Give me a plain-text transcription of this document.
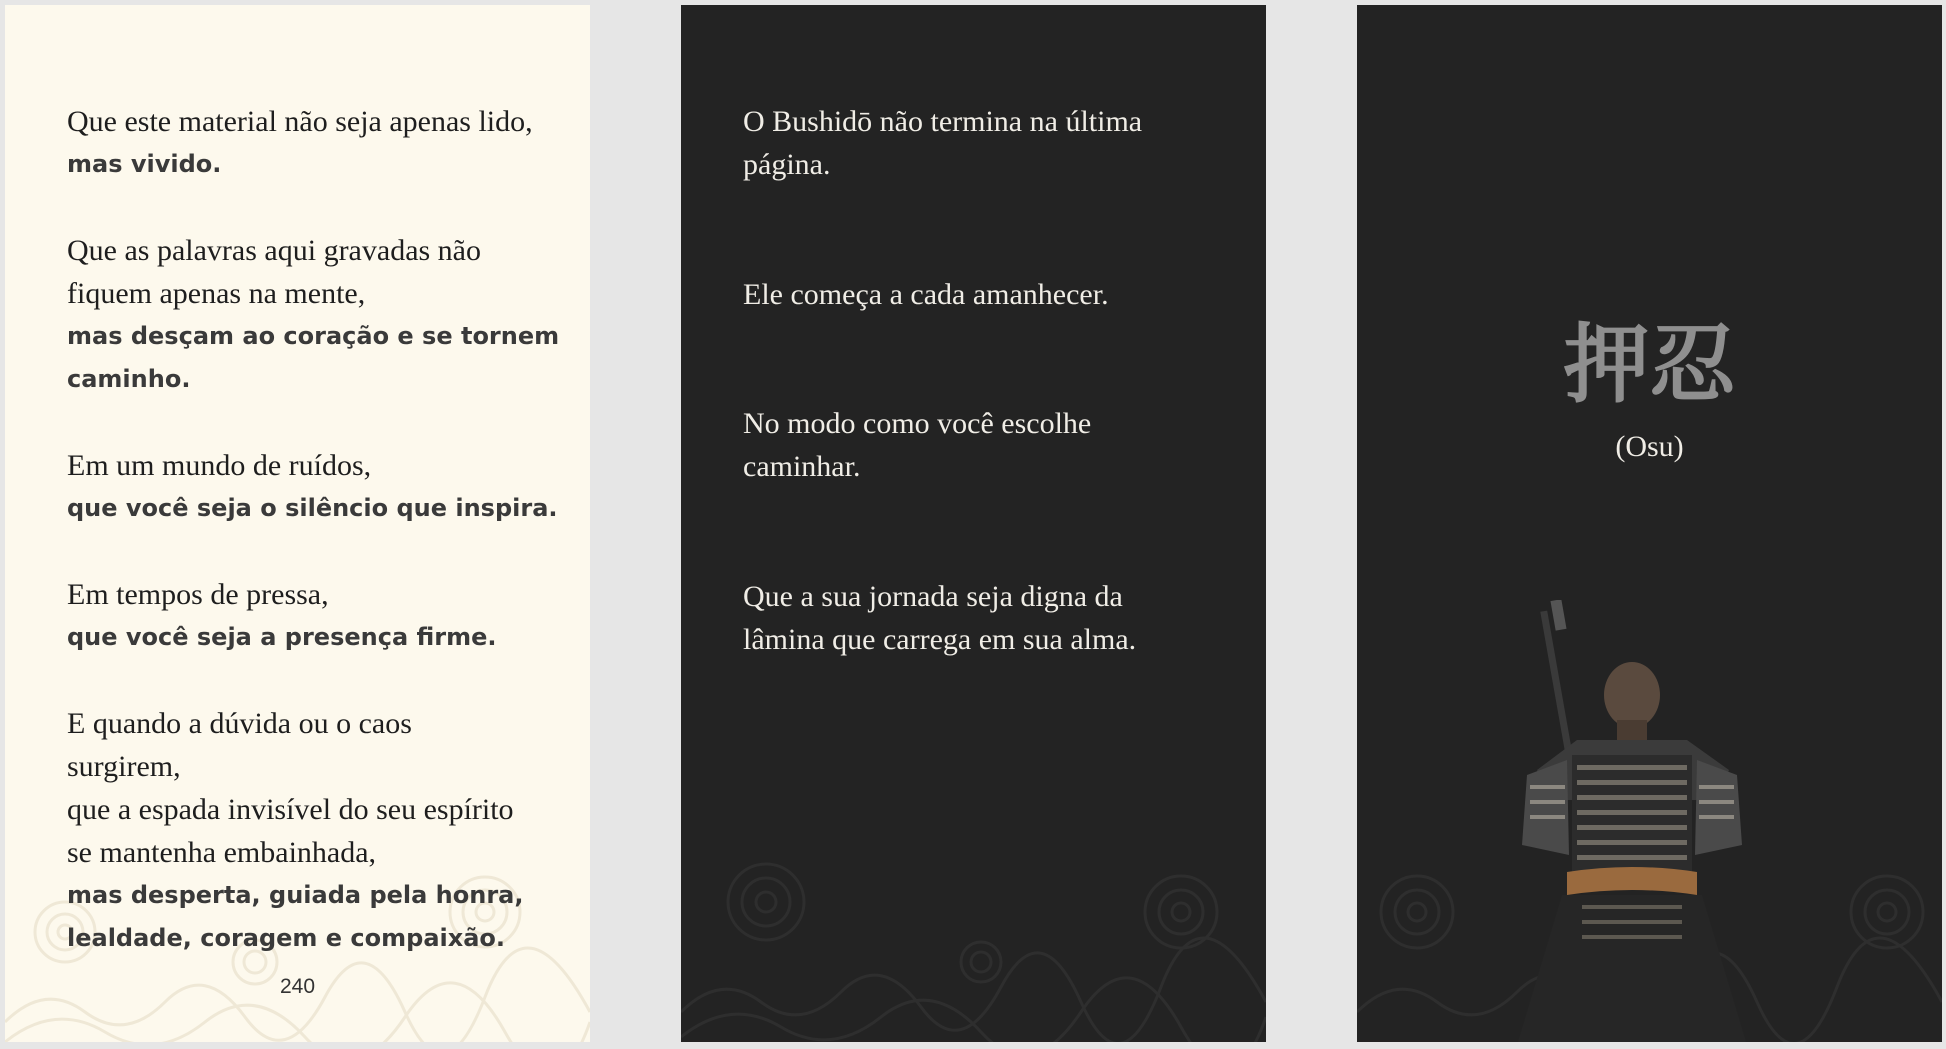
Que este material não seja apenas lido,
mas vivido.
Que as palavras aqui gravadas não
fiquem apenas na mente,
mas desçam ao coração e se tornem
caminho.
Em um mundo de ruídos,
que você seja o silêncio que inspira.
Em tempos de pressa,
que você seja a presença firme.
E quando a dúvida ou o caos
surgirem,
que a espada invisível do seu espírito
se mantenha embainhada,
mas desperta, guiada pela honra,
lealdade, coragem e compaixão.
240
O Bushidō não termina na última
página.
Ele começa a cada amanhecer.
No modo como você escolhe
caminhar.
Que a sua jornada seja digna da
lâmina que carrega em sua alma.
押忍
(Osu)
